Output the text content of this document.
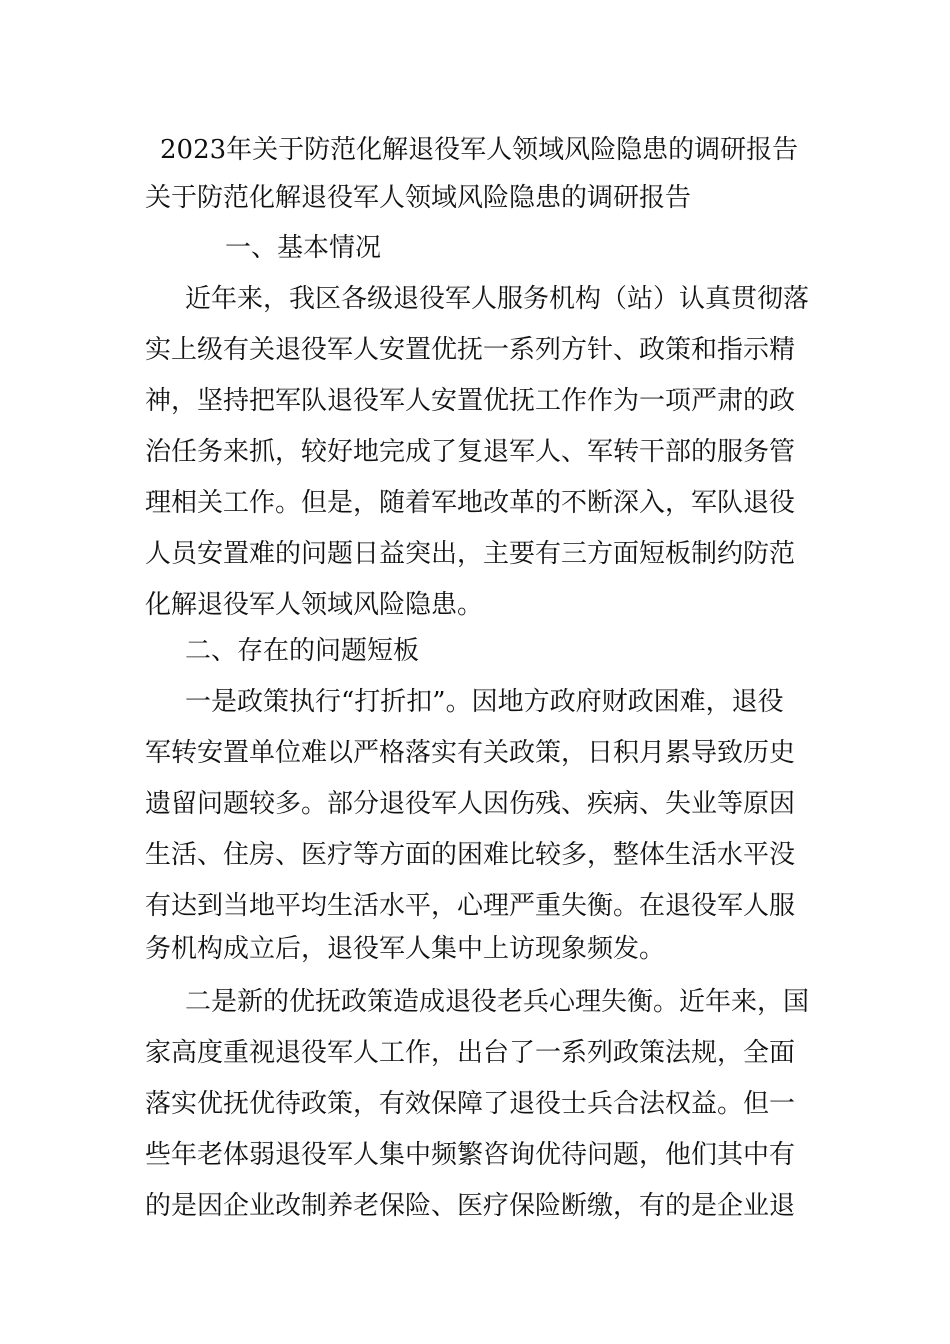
2023年关于防范化解退役军人领域风险隐患的调研报告
关于防范化解退役军人领域风险隐患的调研报告
一、基本情况
近年来，我区各级退役军人服务机构（站）认真贯彻落
实上级有关退役军人安置优抚一系列方针、政策和指示精
神，坚持把军队退役军人安置优抚工作作为一项严肃的政
治任务来抓，较好地完成了复退军人、军转干部的服务管
理相关工作。但是，随着军地改革的不断深入，军队退役
人员安置难的问题日益突出，主要有三方面短板制约防范
化解退役军人领域风险隐患。
二、存在的问题短板
一是政策执行“打折扣”。因地方政府财政困难，退役
军转安置单位难以严格落实有关政策，日积月累导致历史
遗留问题较多。部分退役军人因伤残、疾病、失业等原因
生活、住房、医疗等方面的困难比较多，整体生活水平没
有达到当地平均生活水平，心理严重失衡。在退役军人服
务机构成立后，退役军人集中上访现象频发。
二是新的优抚政策造成退役老兵心理失衡。近年来，国
家高度重视退役军人工作，出台了一系列政策法规，全面
落实优抚优待政策，有效保障了退役士兵合法权益。但一
些年老体弱退役军人集中频繁咨询优待问题，他们其中有
的是因企业改制养老保险、医疗保险断缴，有的是企业退
